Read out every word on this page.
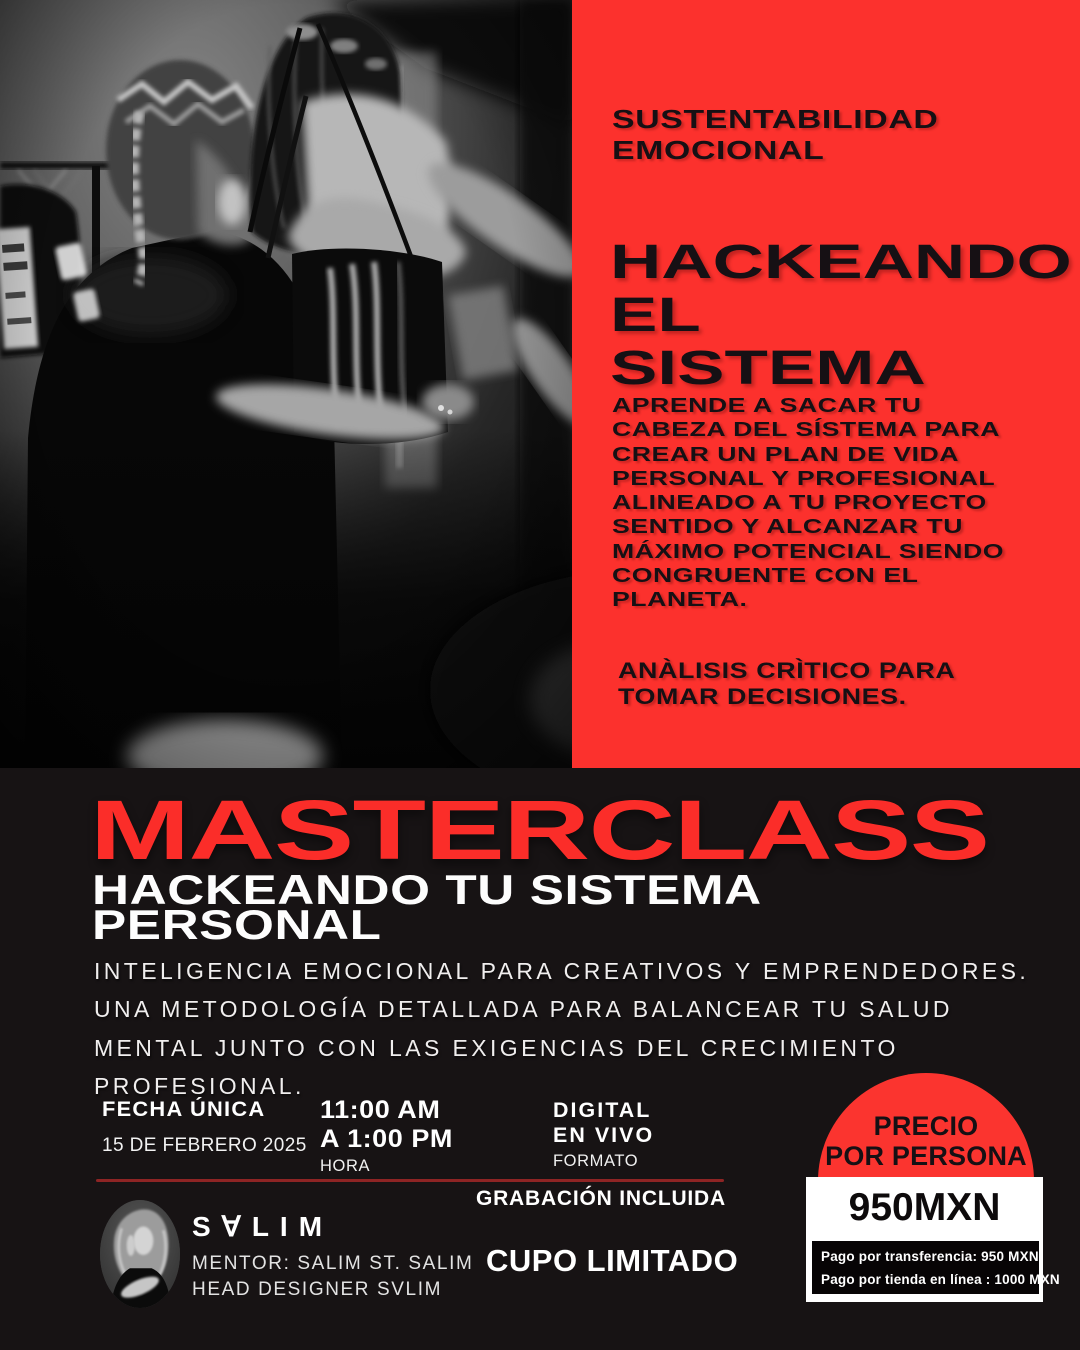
SUSTENTABILIDAD
EMOCIONAL
HACKEANDO
EL
SISTEMA
APRENDE A SACAR TU
CABEZA DEL SÍSTEMA PARA
CREAR UN PLAN DE VIDA
PERSONAL Y PROFESIONAL
ALINEADO A TU PROYECTO
SENTIDO Y ALCANZAR TU
MÁXIMO POTENCIAL SIENDO
CONGRUENTE CON EL
PLANETA.
ANÀLISIS CRÌTICO PARA
TOMAR DECISIONES.
MASTERCLASS
HACKEANDO TU SISTEMA
PERSONAL
INTELIGENCIA EMOCIONAL PARA CREATIVOS Y EMPRENDEDORES.
UNA METODOLOGÍA DETALLADA PARA BALANCEAR TU SALUD
MENTAL JUNTO CON LAS EXIGENCIAS DEL CRECIMIENTO
PROFESIONAL.
FECHA ÚNICA
15 DE FEBRERO 2025
11:00 AM
A 1:00 PM
HORA
DIGITAL
EN VIVO
FORMATO
GRABACIÓN INCLUIDA
CUPO LIMITADO
S∀LIM
MENTOR: SALIM ST. SALIM
HEAD DESIGNER SVLIM
PRECIO
POR PERSONA
950MXN
Pago por transferencia: 950 MXN
Pago por tienda en línea : 1000 MXN
